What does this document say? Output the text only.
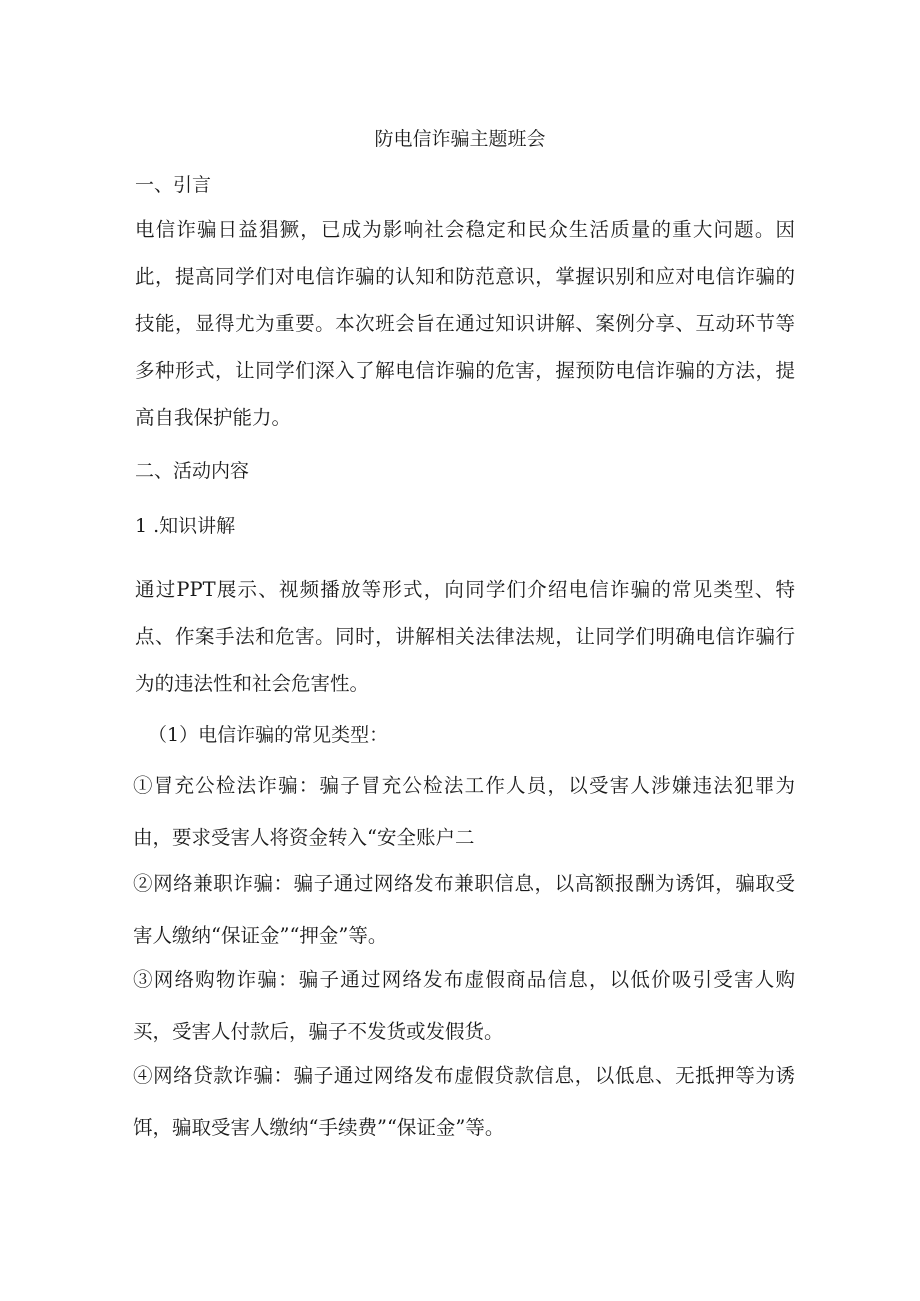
防电信诈骗主题班会
一、引言
电信诈骗日益猖獗，已成为影响社会稳定和民众生活质量的重大问题。因此，提高同学们对电信诈骗的认知和防范意识，掌握识别和应对电信诈骗的技能，显得尤为重要。本次班会旨在通过知识讲解、案例分享、互动环节等多种形式，让同学们深入了解电信诈骗的危害，握预防电信诈骗的方法，提高自我保护能力。
二、活动内容
1 .知识讲解
通过PPT展示、视频播放等形式，向同学们介绍电信诈骗的常见类型、特点、作案手法和危害。同时，讲解相关法律法规，让同学们明确电信诈骗行为的违法性和社会危害性。
（1）电信诈骗的常见类型：
①冒充公检法诈骗：骗子冒充公检法工作人员，以受害人涉嫌违法犯罪为由，要求受害人将资金转入“安全账户二
②网络兼职诈骗：骗子通过网络发布兼职信息，以高额报酬为诱饵，骗取受害人缴纳“保证金”“押金”等。
③网络购物诈骗：骗子通过网络发布虚假商品信息，以低价吸引受害人购买，受害人付款后，骗子不发货或发假货。
④网络贷款诈骗：骗子通过网络发布虚假贷款信息，以低息、无抵押等为诱饵，骗取受害人缴纳“手续费”“保证金”等。
